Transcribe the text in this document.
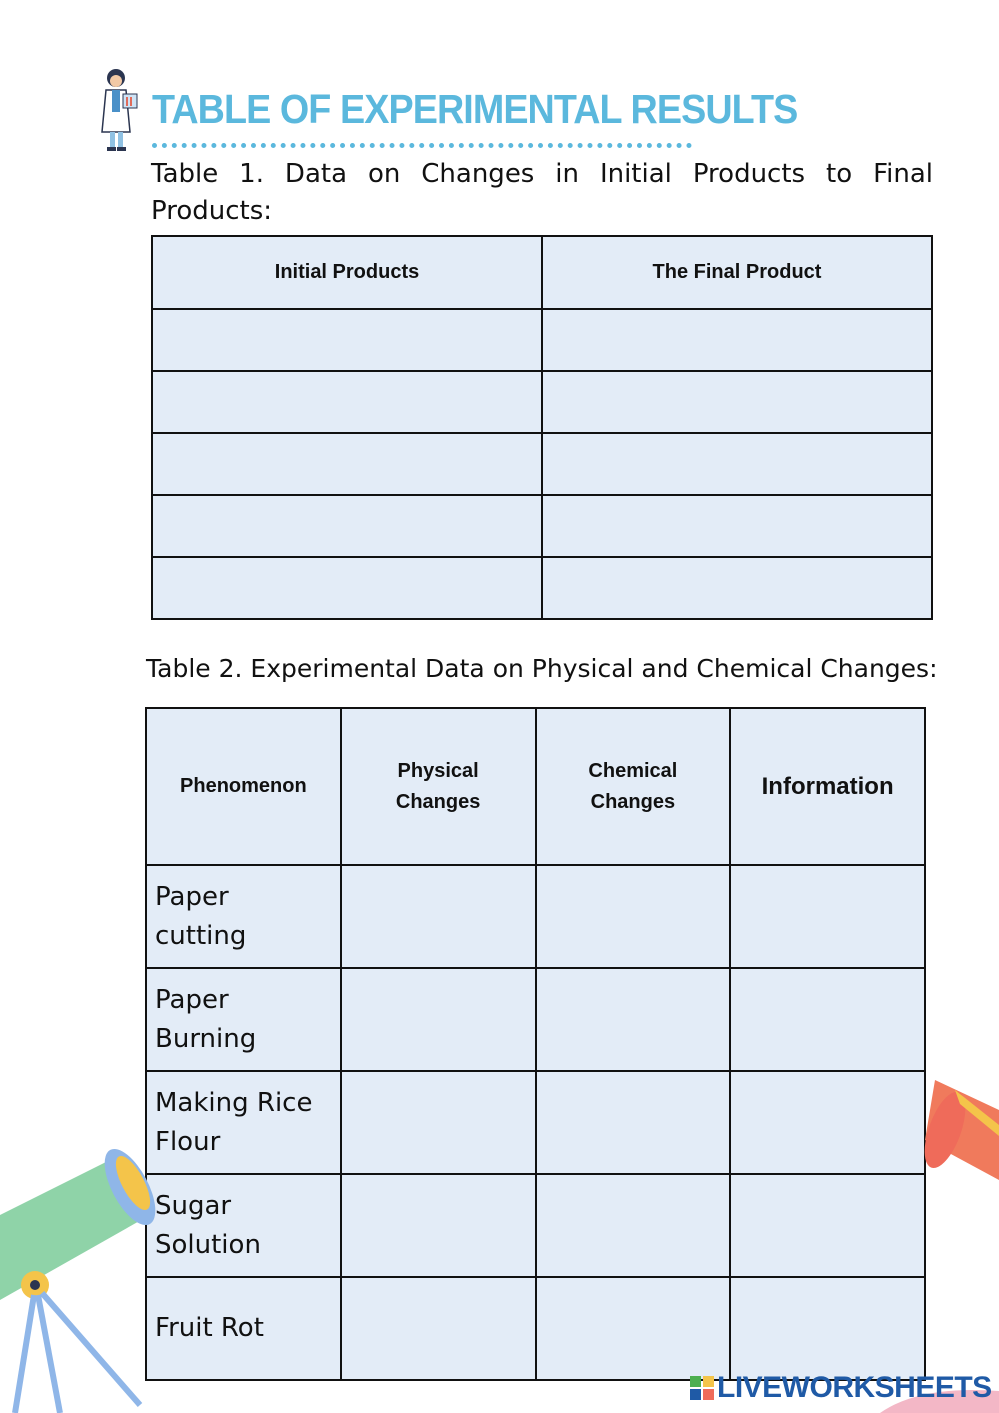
TABLE OF EXPERIMENTAL RESULTS
Table 1. Data on Changes in Initial Products to Final Products:
Initial Products	The Final Product

Table 2. Experimental Data on Physical and Chemical Changes:
Phenomenon	Physical Changes	Chemical Changes	Information
Paper cutting			
Paper Burning			
Making Rice Flour			
Sugar Solution			
Fruit Rot			
LIVEWORKSHEETS
